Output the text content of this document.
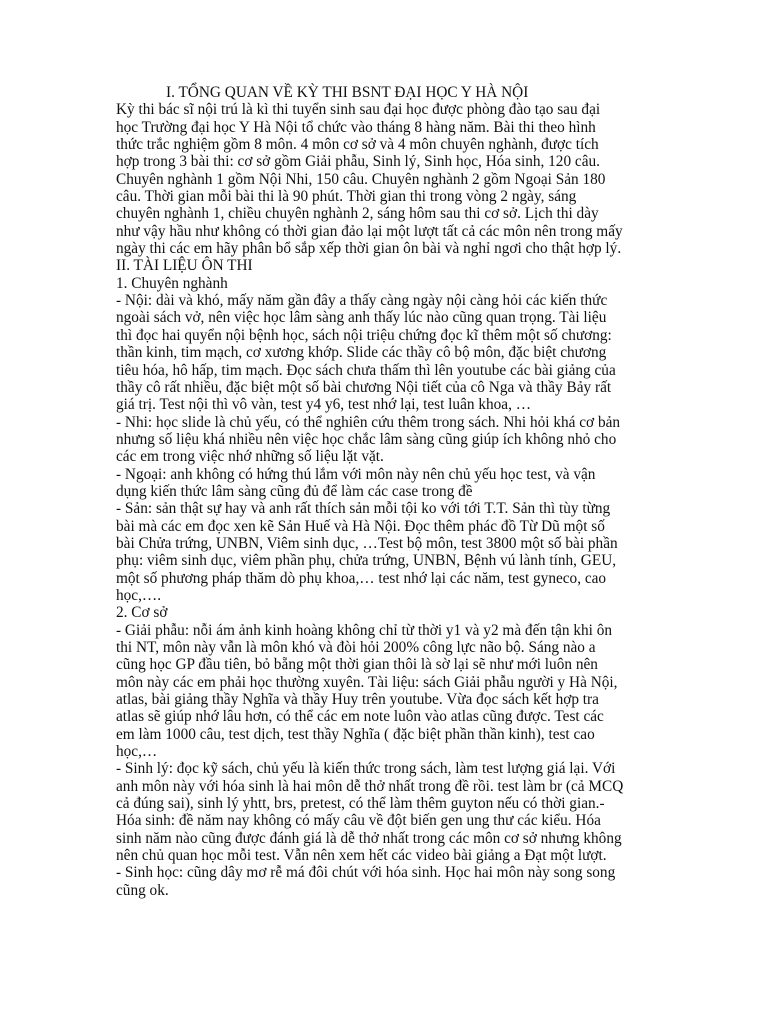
I. TỔNG QUAN VỀ KỲ THI BSNT ĐẠI HỌC Y HÀ NỘI
Kỳ thi bác sĩ nội trú là kì thi tuyển sinh sau đại học được phòng đào tạo sau đại
học Trường đại học Y Hà Nội tổ chức vào tháng 8 hàng năm. Bài thi theo hình
thức trắc nghiệm gồm 8 môn. 4 môn cơ sở và 4 môn chuyên nghành, được tích
hợp trong 3 bài thi: cơ sở gồm Giải phẫu, Sinh lý, Sinh học, Hóa sinh, 120 câu.
Chuyên nghành 1 gồm Nội Nhi, 150 câu. Chuyên nghành 2 gồm Ngoại Sản 180
câu. Thời gian mỗi bài thi là 90 phút. Thời gian thi trong vòng 2 ngày, sáng
chuyên nghành 1, chiều chuyên nghành 2, sáng hôm sau thi cơ sở. Lịch thi dày
như vậy hầu như không có thời gian đảo lại một lượt tất cả các môn nên trong mấy
ngày thi các em hãy phân bổ sắp xếp thời gian ôn bài và nghỉ ngơi cho thật hợp lý.
II. TÀI LIỆU ÔN THI
1. Chuyên nghành
- Nội: dài và khó, mấy năm gần đây a thấy càng ngày nội càng hỏi các kiến thức
ngoài sách vở, nên việc học lâm sàng anh thấy lúc nào cũng quan trọng. Tài liệu
thì đọc hai quyển nội bệnh học, sách nội triệu chứng đọc kĩ thêm một số chương:
thần kinh, tim mạch, cơ xương khớp. Slide các thầy cô bộ môn, đặc biệt chương
tiêu hóa, hô hấp, tim mạch. Đọc sách chưa thấm thì lên youtube các bài giảng của
thầy cô rất nhiều, đặc biệt một số bài chương Nội tiết của cô Nga và thầy Bảy rất
giá trị. Test nội thì vô vàn, test y4 y6, test nhớ lại, test luân khoa, …
- Nhi: học slide là chủ yếu, có thể nghiên cứu thêm trong sách. Nhi hỏi khá cơ bản
nhưng số liệu khá nhiều nên việc học chắc lâm sàng cũng giúp ích không nhỏ cho
các em trong việc nhớ những số liệu lặt vặt.
- Ngoại: anh không có hứng thú lắm với môn này nên chủ yếu học test, và vận
dụng kiến thức lâm sàng cũng đủ để làm các case trong đề
- Sản: sản thật sự hay và anh rất thích sản mỗi tội ko với tới T.T. Sản thì tùy từng
bài mà các em đọc xen kẽ Sản Huế và Hà Nội. Đọc thêm phác đồ Từ Dũ một số
bài Chửa trứng, UNBN, Viêm sinh dục, …Test bộ môn, test 3800 một số bài phần
phụ: viêm sinh dục, viêm phần phụ, chửa trứng, UNBN, Bệnh vú lành tính, GEU,
một số phương pháp thăm dò phụ khoa,… test nhớ lại các năm, test gyneco, cao
học,….
2. Cơ sở
- Giải phẫu: nỗi ám ảnh kinh hoàng không chỉ từ thời y1 và y2 mà đến tận khi ôn
thi NT, môn này vẫn là môn khó và đòi hỏi 200% công lực não bộ. Sáng nào a
cũng học GP đầu tiên, bỏ bẵng một thời gian thôi là sờ lại sẽ như mới luôn nên
môn này các em phải học thường xuyên. Tài liệu: sách Giải phẫu người y Hà Nội,
atlas, bài giảng thầy Nghĩa và thầy Huy trên youtube. Vừa đọc sách kết hợp tra
atlas sẽ giúp nhớ lâu hơn, có thể các em note luôn vào atlas cũng được. Test các
em làm 1000 câu, test dịch, test thầy Nghĩa ( đặc biệt phần thần kinh), test cao
học,…
- Sinh lý: đọc kỹ sách, chủ yếu là kiến thức trong sách, làm test lượng giá lại. Với
anh môn này với hóa sinh là hai môn dễ thở nhất trong đề rồi. test làm br (cả MCQ
cả đúng sai), sinh lý yhtt, brs, pretest, có thể làm thêm guyton nếu có thời gian.-
Hóa sinh: đề năm nay không có mấy câu về đột biến gen ung thư các kiểu. Hóa
sinh năm nào cũng được đánh giá là dễ thở nhất trong các môn cơ sở nhưng không
nên chủ quan học mỗi test. Vẫn nên xem hết các video bài giảng a Đạt một lượt.
- Sinh học: cũng dây mơ rễ má đôi chút với hóa sinh. Học hai môn này song song
cũng ok.
